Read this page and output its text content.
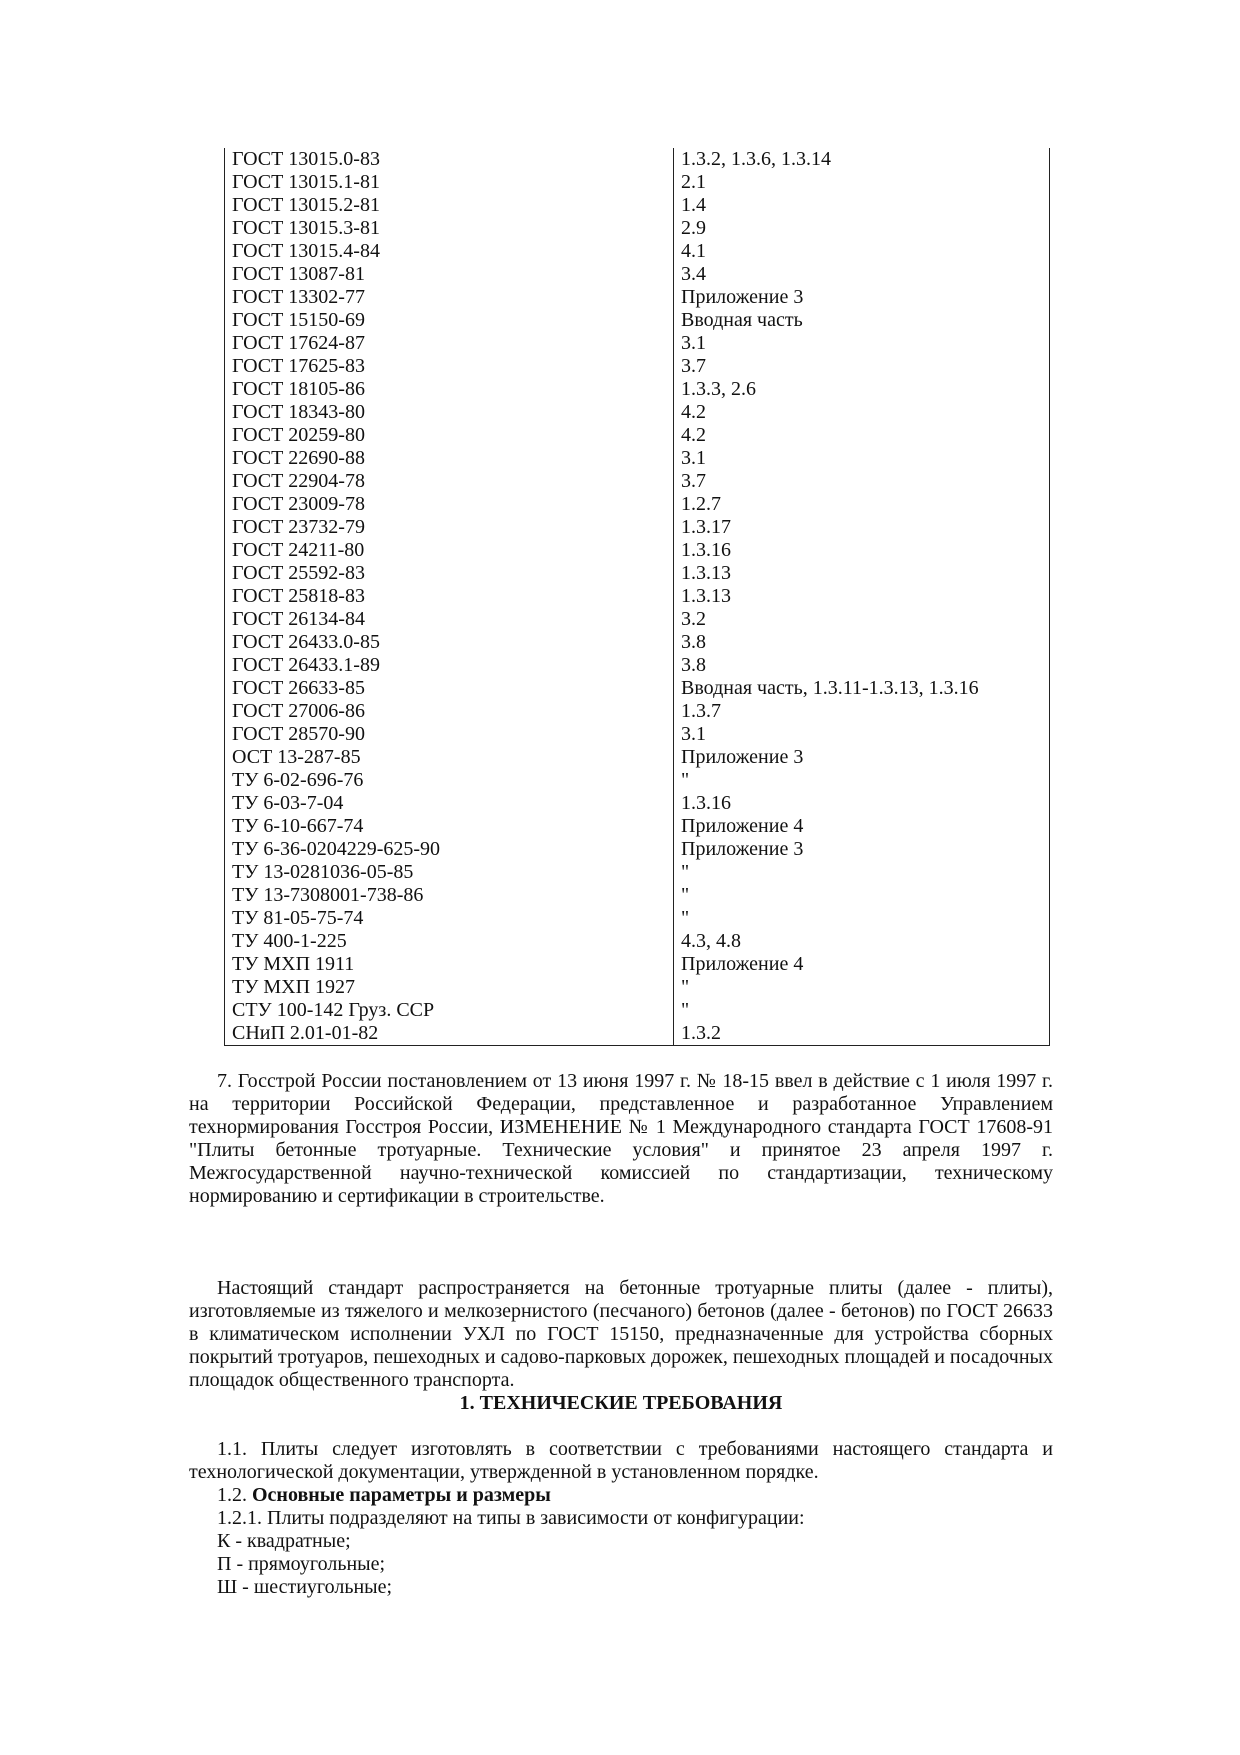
ГОСТ 13015.0-83	1.3.2, 1.3.6, 1.3.14
ГОСТ 13015.1-81	2.1
ГОСТ 13015.2-81	1.4
ГОСТ 13015.3-81	2.9
ГОСТ 13015.4-84	4.1
ГОСТ 13087-81	3.4
ГОСТ 13302-77	Приложение 3
ГОСТ 15150-69	Вводная часть
ГОСТ 17624-87	3.1
ГОСТ 17625-83	3.7
ГОСТ 18105-86	1.3.3, 2.6
ГОСТ 18343-80	4.2
ГОСТ 20259-80	4.2
ГОСТ 22690-88	3.1
ГОСТ 22904-78	3.7
ГОСТ 23009-78	1.2.7
ГОСТ 23732-79	1.3.17
ГОСТ 24211-80	1.3.16
ГОСТ 25592-83	1.3.13
ГОСТ 25818-83	1.3.13
ГОСТ 26134-84	3.2
ГОСТ 26433.0-85	3.8
ГОСТ 26433.1-89	3.8
ГОСТ 26633-85	Вводная часть, 1.3.11-1.3.13, 1.3.16
ГОСТ 27006-86	1.3.7
ГОСТ 28570-90	3.1
ОСТ 13-287-85	Приложение 3
ТУ 6-02-696-76	"
ТУ 6-03-7-04	1.3.16
ТУ 6-10-667-74	Приложение 4
ТУ 6-36-0204229-625-90	Приложение 3
ТУ 13-0281036-05-85	"
ТУ 13-7308001-738-86	"
ТУ 81-05-75-74	"
ТУ 400-1-225	4.3, 4.8
ТУ МХП 1911	Приложение 4
ТУ МХП 1927	"
СТУ 100-142 Груз. ССР	"
СНиП 2.01-01-82	1.3.2

7. Госстрой России постановлением от 13 июня 1997 г. № 18-15 ввел в действие с 1 июля 1997 г. на территории Российской Федерации, представленное и разработанное Управлением технормирования Госстроя России, ИЗМЕНЕНИЕ № 1 Междунарoдного стандарта ГОСТ 17608-91 "Плиты бетонные тротуарные. Технические условия" и принятое 23 апреля 1997 г. Межгосударственной научно-технической комиссией по стандартизации, техническому нормированию и сертификации в строительстве.

Настоящий стандарт распространяется на бетонные тротуарные плиты (далее - плиты), изготовляемые из тяжелого и мелкозернистого (песчаного) бетонов (далее - бетонов) по ГОСТ 26633 в климатическом исполнении УХЛ по ГОСТ 15150, предназначенные для устройства сборных покрытий тротуаров, пешеходных и садово-парковых дорожек, пешеходных площадей и посадочных площадок общественного транспорта.

1. ТЕХНИЧЕСКИЕ ТРЕБОВАНИЯ

1.1. Плиты следует изготовлять в соответствии с требованиями настоящего стандарта и технологической документации, утвержденной в установленном порядке.

1.2. Основные параметры и размеры

1.2.1. Плиты подразделяют на типы в зависимости от конфигурации:

К - квадратные;

П - прямоугольные;

Ш - шестиугольные;
